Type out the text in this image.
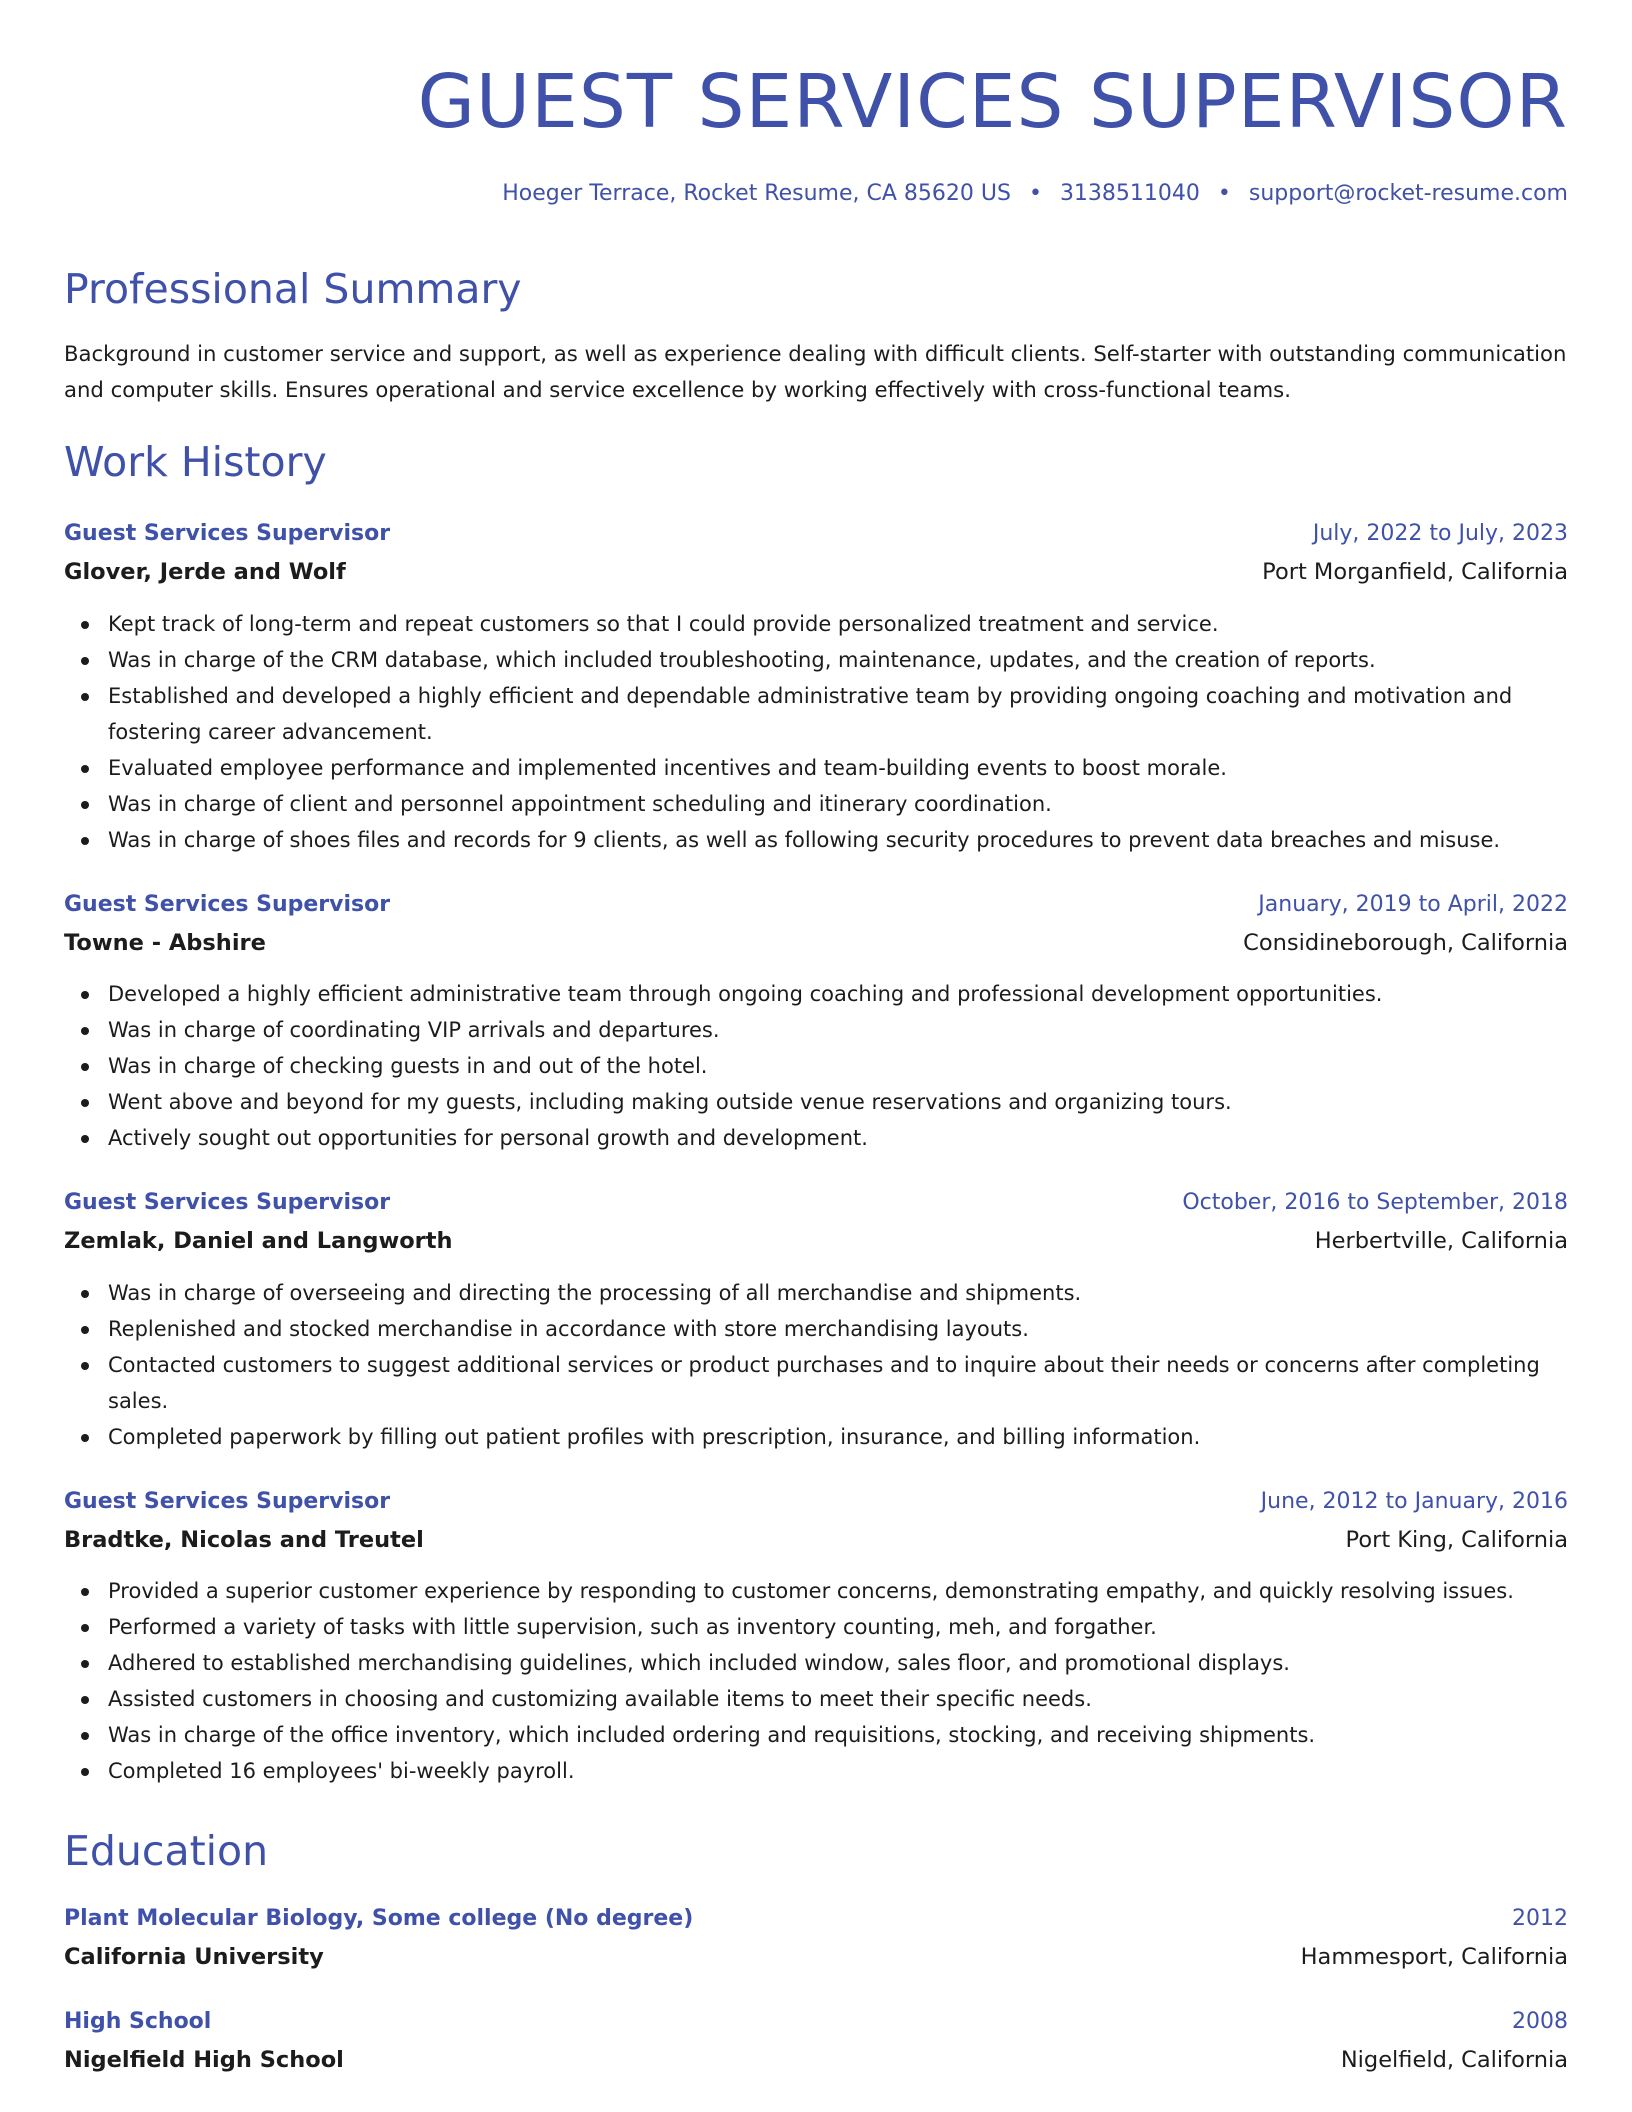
GUEST SERVICES SUPERVISOR
Hoeger Terrace, Rocket Resume, CA 85620 US • 3138511040 • support@rocket-resume.com
Professional Summary

Background in customer service and support, as well as experience dealing with difficult clients. Self-starter with outstanding communication and computer skills. Ensures operational and service excellence by working effectively with cross-functional teams.

Work History
Guest Services Supervisor	July, 2022 to July, 2023
Glover, Jerde and Wolf	Port Morganfield, California
Kept track of long-term and repeat customers so that I could provide personalized treatment and service.
Was in charge of the CRM database, which included troubleshooting, maintenance, updates, and the creation of reports.
Established and developed a highly efficient and dependable administrative team by providing ongoing coaching and motivation and fostering career advancement.
Evaluated employee performance and implemented incentives and team-building events to boost morale.
Was in charge of client and personnel appointment scheduling and itinerary coordination.
Was in charge of shoes files and records for 9 clients, as well as following security procedures to prevent data breaches and misuse.
Guest Services Supervisor	January, 2019 to April, 2022
Towne - Abshire	Considineborough, California
Developed a highly efficient administrative team through ongoing coaching and professional development opportunities.
Was in charge of coordinating VIP arrivals and departures.
Was in charge of checking guests in and out of the hotel.
Went above and beyond for my guests, including making outside venue reservations and organizing tours.
Actively sought out opportunities for personal growth and development.
Guest Services Supervisor	October, 2016 to September, 2018
Zemlak, Daniel and Langworth	Herbertville, California
Was in charge of overseeing and directing the processing of all merchandise and shipments.
Replenished and stocked merchandise in accordance with store merchandising layouts.
Contacted customers to suggest additional services or product purchases and to inquire about their needs or concerns after completing sales.
Completed paperwork by filling out patient profiles with prescription, insurance, and billing information.
Guest Services Supervisor	June, 2012 to January, 2016
Bradtke, Nicolas and Treutel	Port King, California
Provided a superior customer experience by responding to customer concerns, demonstrating empathy, and quickly resolving issues.
Performed a variety of tasks with little supervision, such as inventory counting, meh, and forgather.
Adhered to established merchandising guidelines, which included window, sales floor, and promotional displays.
Assisted customers in choosing and customizing available items to meet their specific needs.
Was in charge of the office inventory, which included ordering and requisitions, stocking, and receiving shipments.
Completed 16 employees' bi-weekly payroll.
Education
Plant Molecular Biology, Some college (No degree)	2012
California University	Hammesport, California
High School	2008
Nigelfield High School	Nigelfield, California
